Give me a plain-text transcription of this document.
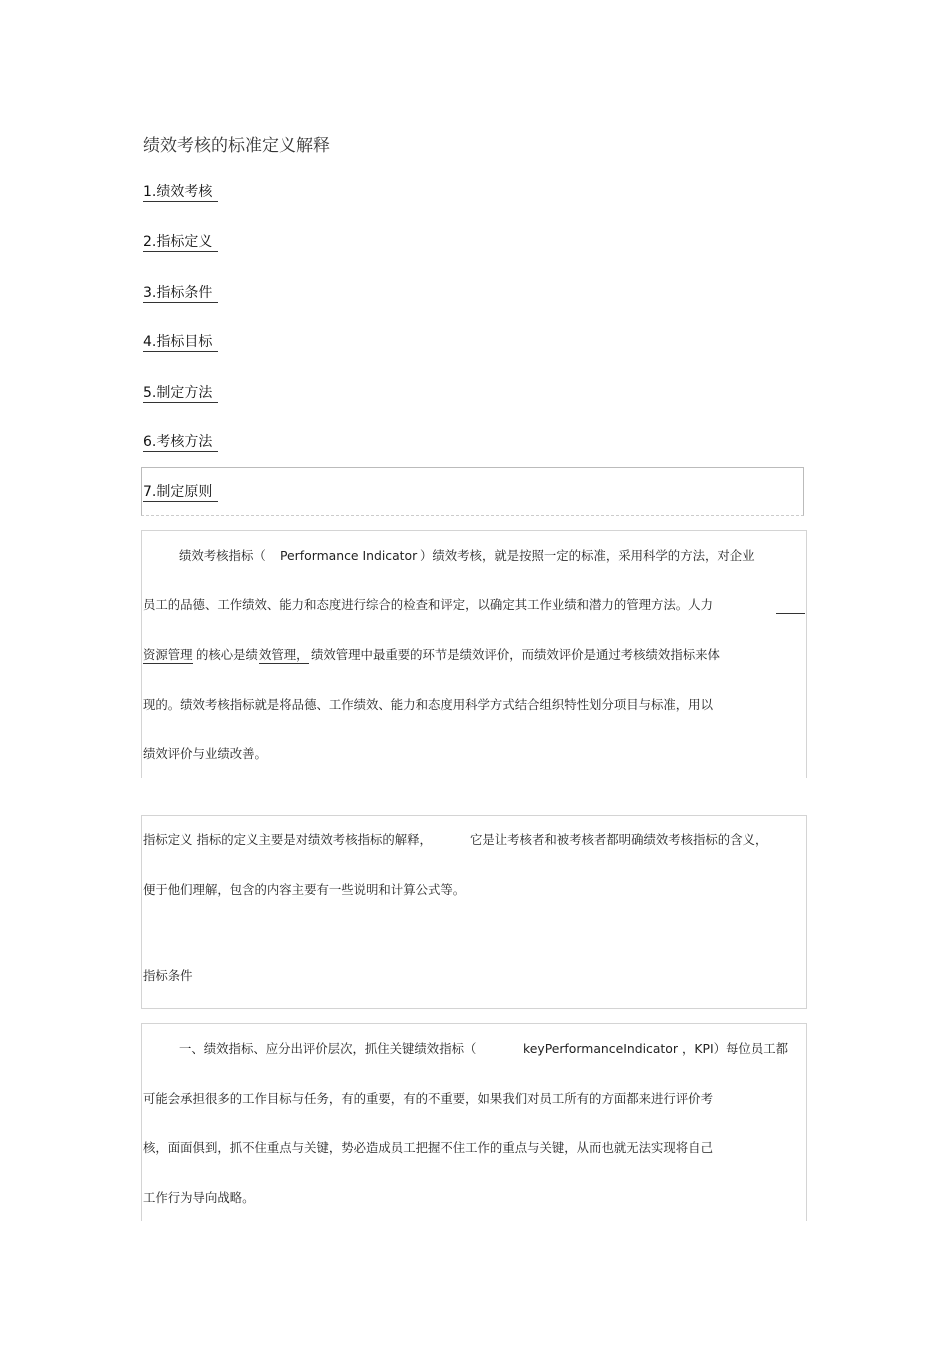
绩效考核的标准定义解释
1.绩效考核
2.指标定义
3.指标条件
4.指标目标
5.制定方法
6.考核方法
7.制定原则
绩效考核指标（ Performance Indicator ）绩效考核，就是按照一定的标准，采用科学的方法，对企业
员工的品德、工作绩效、能力和态度进行综合的检查和评定，以确定其工作业绩和潜力的管理方法。人力
资源管理 的核心是绩 效管理， 绩效管理中最重要的环节是绩效评价，而绩效评价是通过考核绩效指标来体
现的。绩效考核指标就是将品德、工作绩效、能力和态度用科学方式结合组织特性划分项目与标准，用以
绩效评价与业绩改善。
指标定义 指标的定义主要是对绩效考核指标的解释，	它是让考核者和被考核者都明确绩效考核指标的含义，
便于他们理解，包含的内容主要有一些说明和计算公式等。
指标条件
一、绩效指标、应分出评价层次，抓住关键绩效指标（	keyPerformanceIndicator ，KPI）每位员工都
可能会承担很多的工作目标与任务，有的重要，有的不重要，如果我们对员工所有的方面都来进行评价考
核，面面俱到，抓不住重点与关键，势必造成员工把握不住工作的重点与关键，从而也就无法实现将自己
工作行为导向战略。
